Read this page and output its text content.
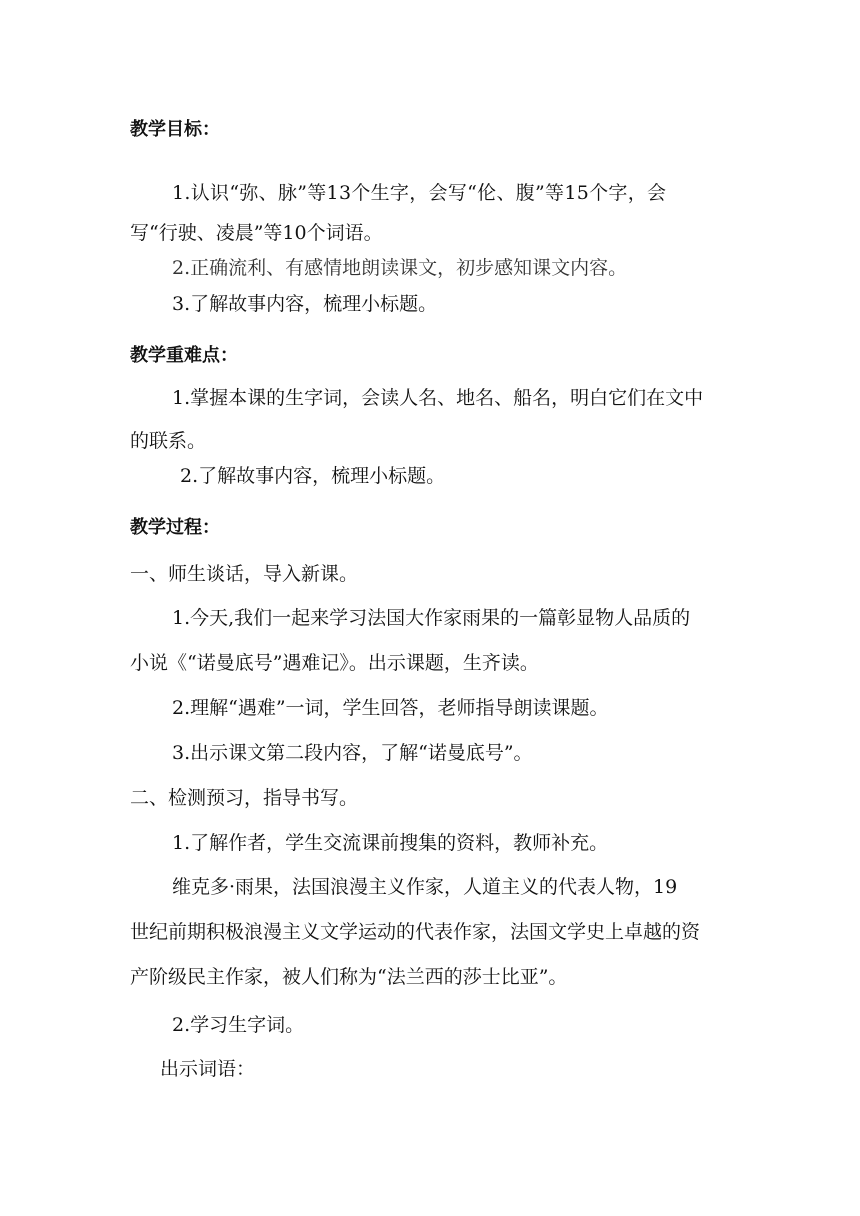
教学目标：
1.认识“弥、脉”等13个生字，会写“伦、腹”等15个字，会
写“行驶、凌晨”等10个词语。
2.正确流利、有感情地朗读课文，初步感知课文内容。
3.了解故事内容，梳理小标题。
教学重难点：
1.掌握本课的生字词，会读人名、地名、船名，明白它们在文中
的联系。
2.了解故事内容，梳理小标题。
教学过程：
一、师生谈话，导入新课。
1.今天,我们一起来学习法国大作家雨果的一篇彰显物人品质的
小说《“诺曼底号”遇难记》。出示课题，生齐读。
2.理解“遇难”一词，学生回答，老师指导朗读课题。
3.出示课文第二段内容，了解“诺曼底号”。
二、检测预习，指导书写。
1.了解作者，学生交流课前搜集的资料，教师补充。
维克多·雨果，法国浪漫主义作家，人道主义的代表人物，19
世纪前期积极浪漫主义文学运动的代表作家，法国文学史上卓越的资
产阶级民主作家，被人们称为“法兰西的莎士比亚”。
2.学习生字词。
出示词语：
